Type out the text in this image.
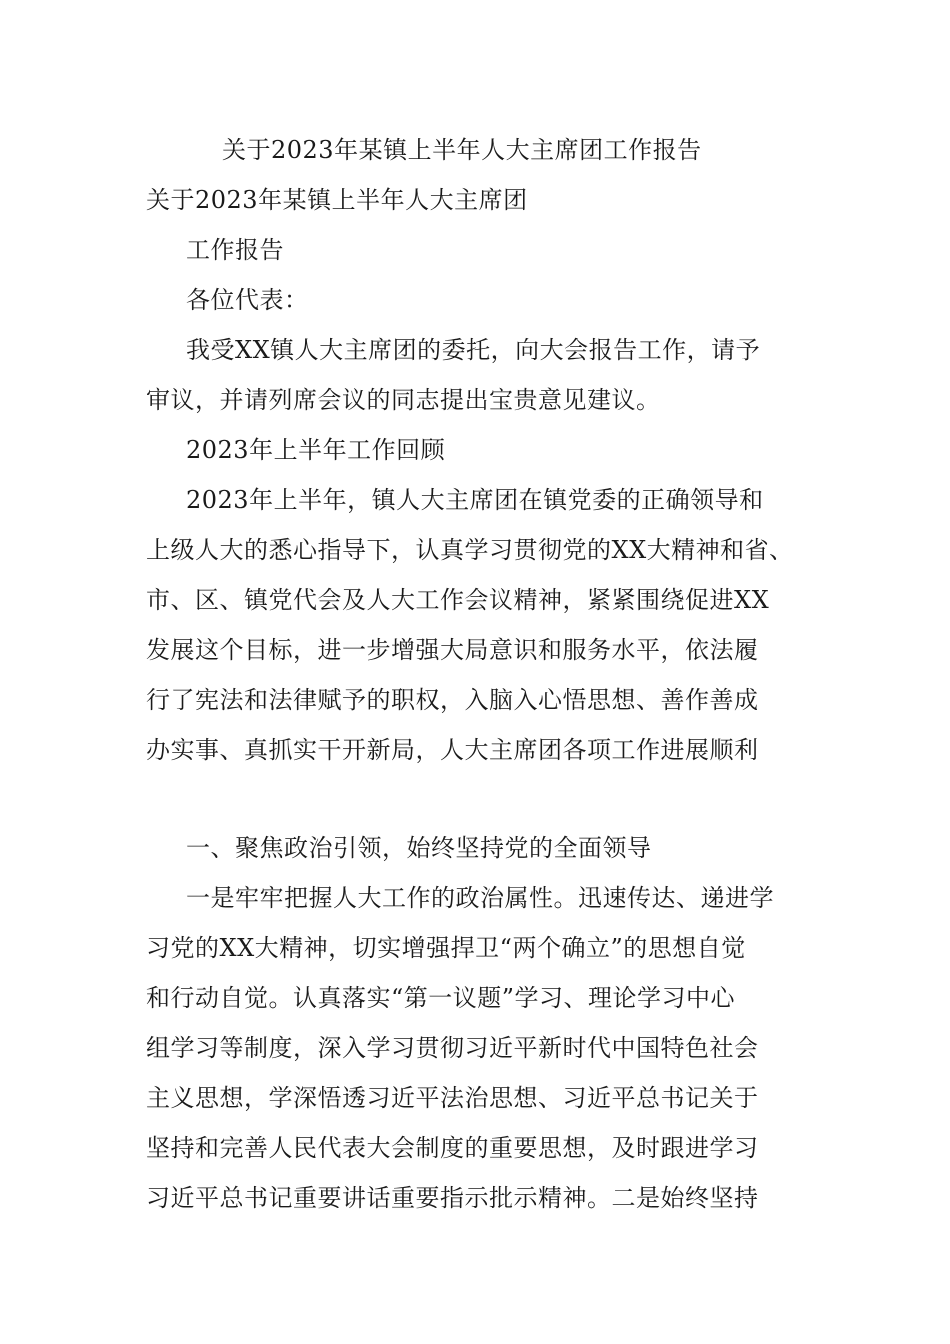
关于2023年某镇上半年人大主席团工作报告
关于2023年某镇上半年人大主席团
工作报告
各位代表：
我受XX镇人大主席团的委托，向大会报告工作，请予
审议，并请列席会议的同志提出宝贵意见建议。
2023年上半年工作回顾
2023年上半年，镇人大主席团在镇党委的正确领导和
上级人大的悉心指导下，认真学习贯彻党的XX大精神和省、
市、区、镇党代会及人大工作会议精神，紧紧围绕促进XX
发展这个目标，进一步增强大局意识和服务水平，依法履
行了宪法和法律赋予的职权，入脑入心悟思想、善作善成
办实事、真抓实干开新局，人大主席团各项工作进展顺利
一、聚焦政治引领，始终坚持党的全面领导
一是牢牢把握人大工作的政治属性。迅速传达、递进学
习党的XX大精神，切实增强捍卫“两个确立”的思想自觉
和行动自觉。认真落实“第一议题”学习、理论学习中心
组学习等制度，深入学习贯彻习近平新时代中国特色社会
主义思想，学深悟透习近平法治思想、习近平总书记关于
坚持和完善人民代表大会制度的重要思想，及时跟进学习
习近平总书记重要讲话重要指示批示精神。二是始终坚持
